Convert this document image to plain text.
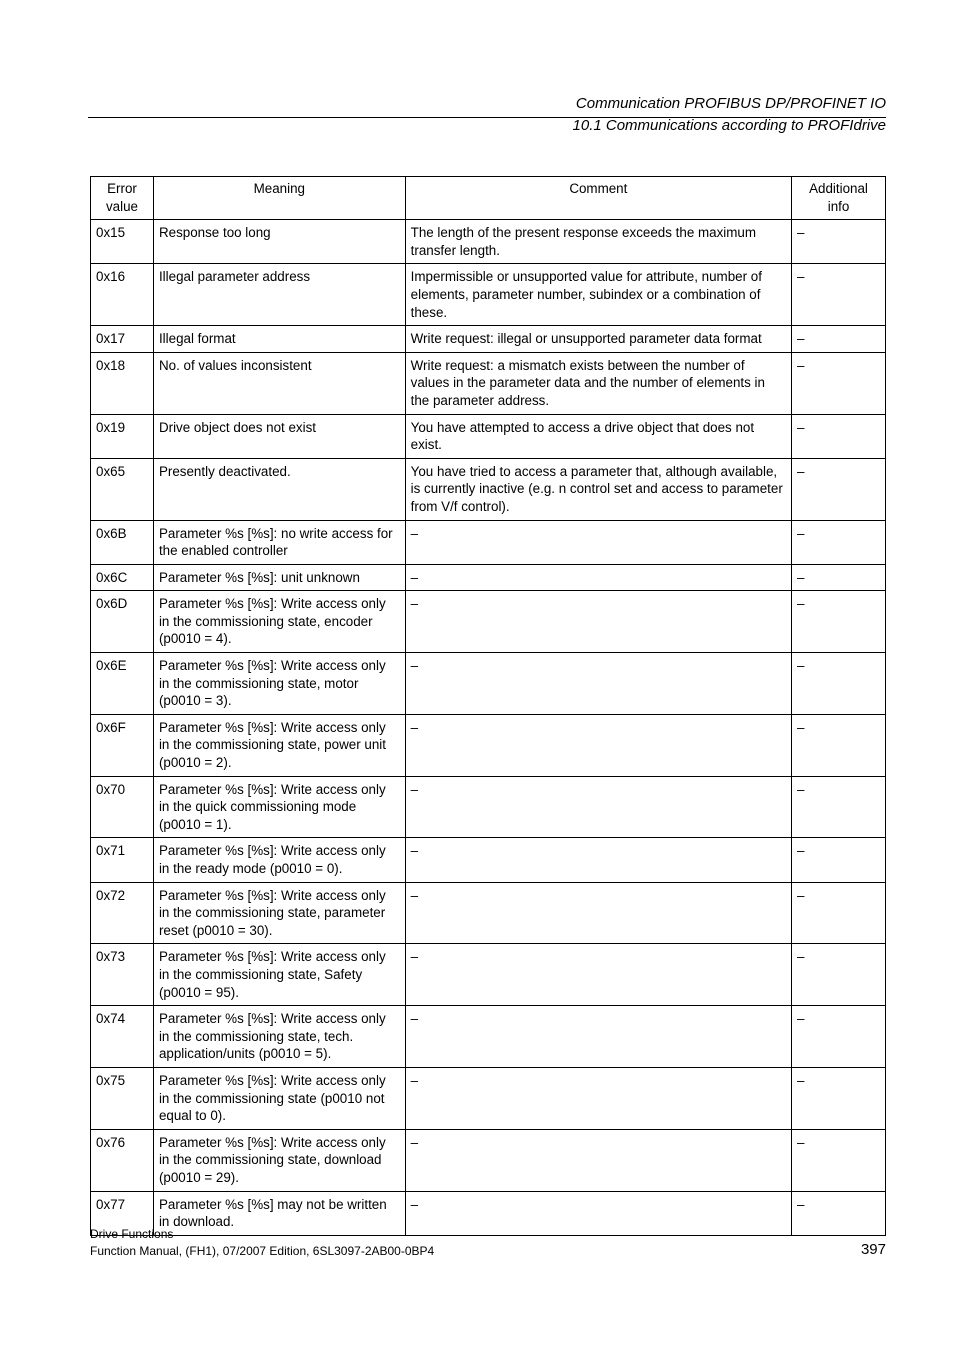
Communication PROFIBUS DP/PROFINET IO
10.1 Communications according to PROFIdrive
Error value	Meaning	Comment	Additional info
0x15	Response too long	The length of the present response exceeds the maximum transfer length.	–
0x16	Illegal parameter address	Impermissible or unsupported value for attribute, number of elements, parameter number, subindex or a combination of these.	–
0x17	Illegal format	Write request: illegal or unsupported parameter data format	–
0x18	No. of values inconsistent	Write request: a mismatch exists between the number of values in the parameter data and the number of elements in the parameter address.	–
0x19	Drive object does not exist	You have attempted to access a drive object that does not exist.	–
0x65	Presently deactivated.	You have tried to access a parameter that, although available, is currently inactive (e.g. n control set and access to parameter from V/f control).	–
0x6B	Parameter %s [%s]: no write access for the enabled controller	–	–
0x6C	Parameter %s [%s]: unit unknown	–	–
0x6D	Parameter %s [%s]: Write access only in the commissioning state, encoder (p0010 = 4).	–	–
0x6E	Parameter %s [%s]: Write access only in the commissioning state, motor (p0010 = 3).	–	–
0x6F	Parameter %s [%s]: Write access only in the commissioning state, power unit (p0010 = 2).	–	–
0x70	Parameter %s [%s]: Write access only in the quick commissioning mode (p0010 = 1).	–	–
0x71	Parameter %s [%s]: Write access only in the ready mode (p0010 = 0).	–	–
0x72	Parameter %s [%s]: Write access only in the commissioning state, parameter reset (p0010 = 30).	–	–
0x73	Parameter %s [%s]: Write access only in the commissioning state, Safety (p0010 = 95).	–	–
0x74	Parameter %s [%s]: Write access only in the commissioning state, tech. application/units (p0010 = 5).	–	–
0x75	Parameter %s [%s]: Write access only in the commissioning state (p0010 not equal to 0).	–	–
0x76	Parameter %s [%s]: Write access only in the commissioning state, download (p0010 = 29).	–	–
0x77	Parameter %s [%s] may not be written in download.	–	–
Drive Functions
Function Manual, (FH1), 07/2007 Edition, 6SL3097-2AB00-0BP4	397
